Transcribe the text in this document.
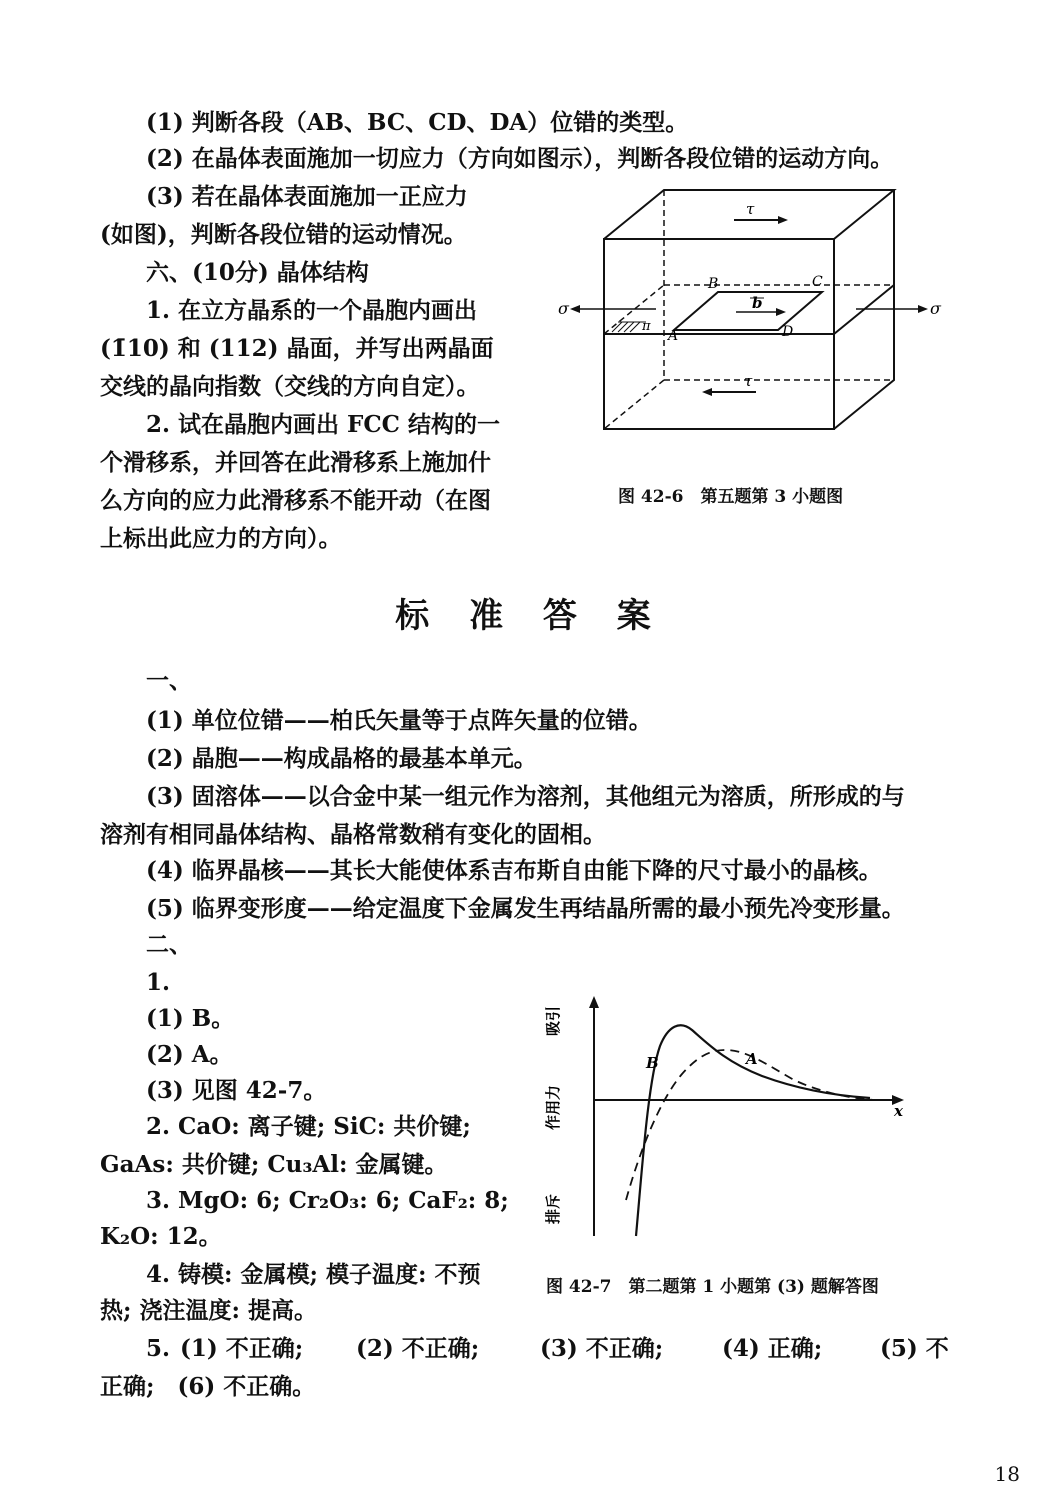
(1) 判断各段（AB、BC、CD、DA）位错的类型。
(2) 在晶体表面施加一切应力（方向如图示），判断各段位错的运动方向。
(3) 若在晶体表面施加一正应力
(如图)，判断各段位错的运动情况。
六、(10分) 晶体结构
1. 在立方晶系的一个晶胞内画出
(1̄10) 和 (112) 晶面，并写出两晶面
交线的晶向指数（交线的方向自定）。
2. 试在晶胞内画出 FCC 结构的一
个滑移系，并回答在此滑移系上施加什
么方向的应力此滑移系不能开动（在图
上标出此应力的方向）。
τ
τ
σ	σ
b
B	C
D
A
π
图 42-6　第五题第 3 小题图
标 准 答 案
一、
(1) 单位位错——柏氏矢量等于点阵矢量的位错。
(2) 晶胞——构成晶格的最基本单元。
(3) 固溶体——以合金中某一组元作为溶剂，其他组元为溶质，所形成的与
溶剂有相同晶体结构、晶格常数稍有变化的固相。
(4) 临界晶核——其长大能使体系吉布斯自由能下降的尺寸最小的晶核。
(5) 临界变形度——给定温度下金属发生再结晶所需的最小预先冷变形量。
二、
1.
(1) B。
(2) A。
(3) 见图 42-7。
2. CaO: 离子键; SiC: 共价键;
GaAs: 共价键; Cu₃Al: 金属键。
3. MgO: 6; Cr₂O₃: 6; CaF₂: 8;
K₂O: 12。
4. 铸模: 金属模; 模子温度: 不预
热; 浇注温度: 提高。
5. (1) 不正确; (2) 不正确;	(3) 不正确;	(4) 正确;	(5) 不
正确;　(6) 不正确。
x
吸引
作用力
排斥
B	A
图 42-7　第二题第 1 小题第 (3) 题解答图
18
